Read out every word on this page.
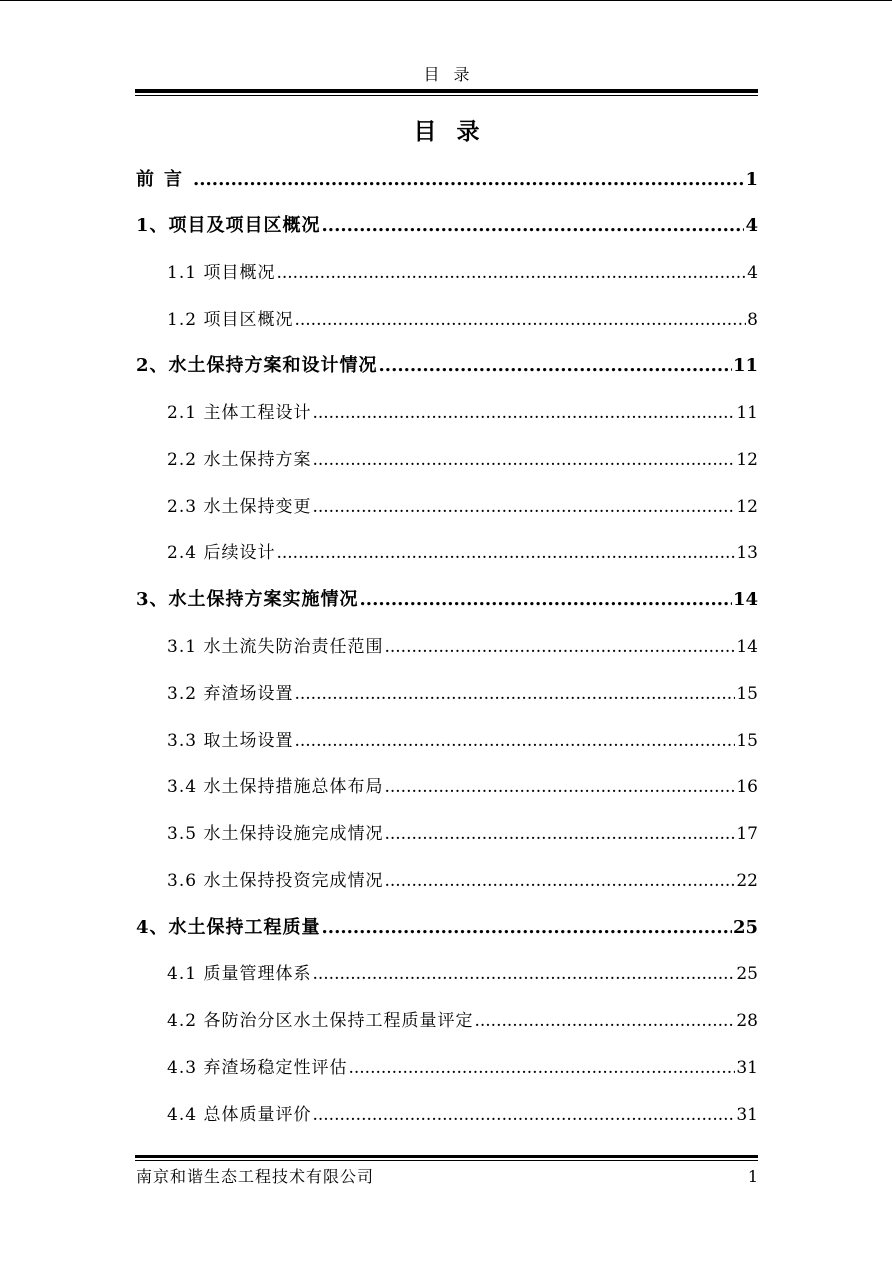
目录
目录
前言 .....	1
1、项目及项目区概况 .....	4
1.1 项目概况 .....	4
1.2 项目区概况 .....	8
2、水土保持方案和设计情况 .....	11
2.1 主体工程设计 .....	11
2.2 水土保持方案 .....	12
2.3 水土保持变更 .....	12
2.4 后续设计 .....	13
3、水土保持方案实施情况 .....	14
3.1 水土流失防治责任范围 .....	14
3.2 弃渣场设置 .....	15
3.3 取土场设置 .....	15
3.4 水土保持措施总体布局 .....	16
3.5 水土保持设施完成情况 .....	17
3.6 水土保持投资完成情况 .....	22
4、水土保持工程质量 .....	25
4.1 质量管理体系 .....	25
4.2 各防治分区水土保持工程质量评定 .....	28
4.3 弃渣场稳定性评估 .....	31
4.4 总体质量评价 .....	31
南京和谐生态工程技术有限公司	1
